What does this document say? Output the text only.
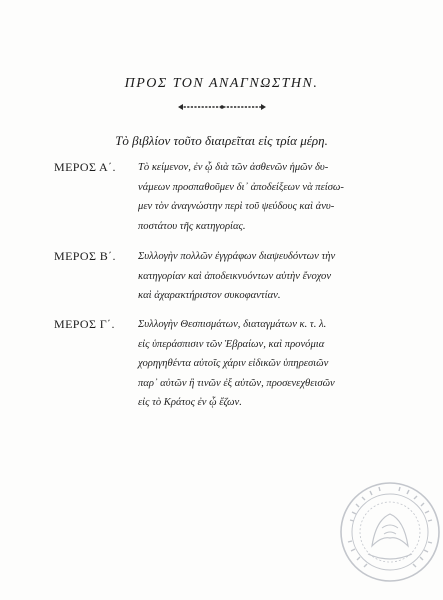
ΠΡΟΣ ΤΟΝ ΑΝΑΓΝΩΣΤΗΝ.
Τὸ βιβλίον τοῦτο διαιρεῖται εἰς τρία μέρη.
ΜΕΡΟΣ Α΄.	Τὸ κείμενον, ἐν ᾧ διὰ τῶν ἀσθενῶν ἡμῶν δυ-
νάμεων προσπαθοῦμεν δι᾽ ἀποδείξεων νὰ πείσω-
μεν τὸν ἀναγνώστην περὶ τοῦ ψεύδους καὶ ἀνυ-
ποστάτου τῆς κατηγορίας.
ΜΕΡΟΣ Β΄.	Συλλογὴν πολλῶν ἐγγράφων διαψευδόντων τὴν
κατηγορίαν καὶ ἀποδεικνυόντων αὐτὴν ἔνοχον
καὶ ἀχαρακτήριστον συκοφαντίαν.
ΜΕΡΟΣ Γ΄.	Συλλογὴν Θεσπισμάτων, διαταγμάτων κ. τ. λ.
εἰς ὑπεράσπισιν τῶν Ἑβραίων, καὶ προνόμια
χορηγηθέντα αὐτοῖς χάριν εἰδικῶν ὑπηρεσιῶν
παρ᾽ αὐτῶν ἢ τινῶν ἐξ αὐτῶν, προσενεχθεισῶν
εἰς τὸ Κράτος ἐν ᾧ ἔζων.
